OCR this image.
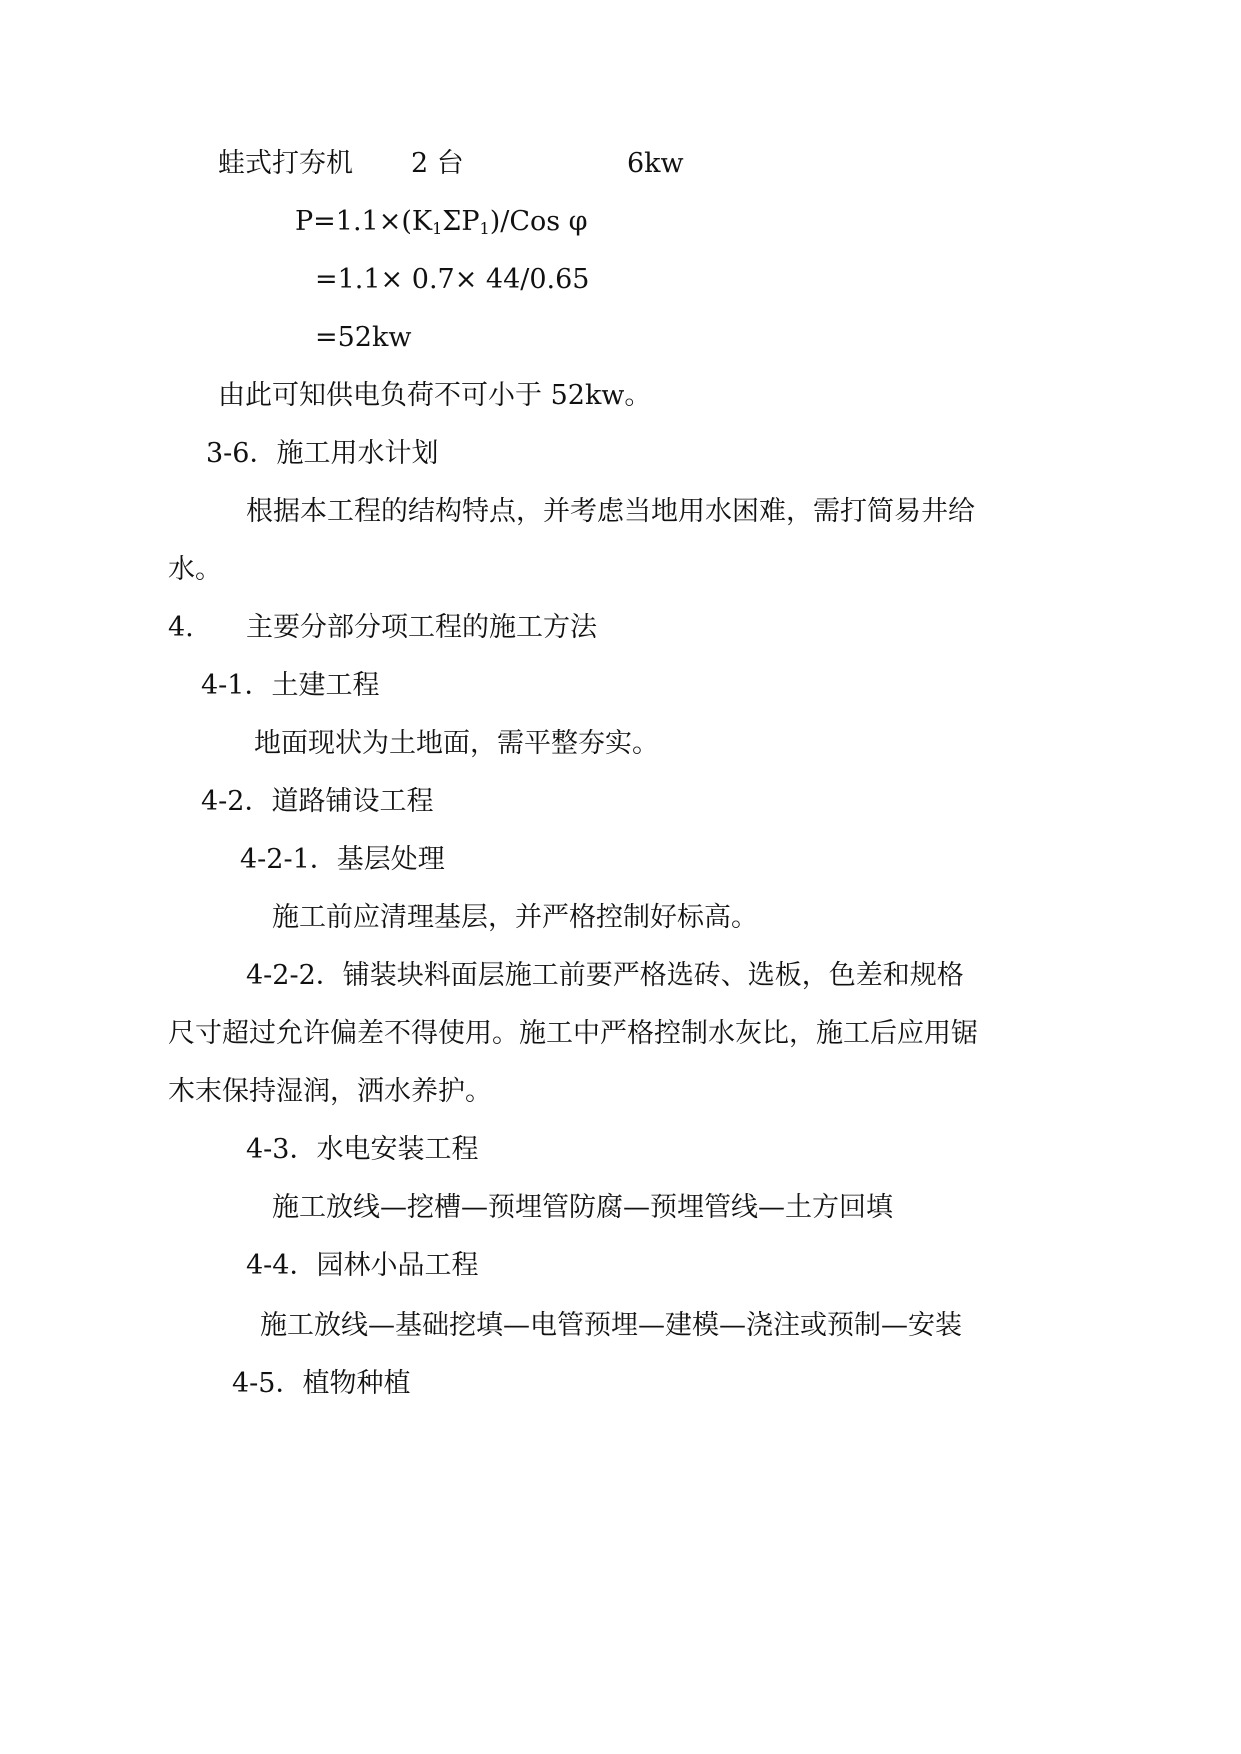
蛙式打夯机 2 台	6kw
$P=1.1\times(K_1\Sigma P_1)$/Cos φ
=1.1× 0.7× 44/0.65
=52kw
由此可知供电负荷不可小于 52kw。
3-6．施工用水计划
根据本工程的结构特点，并考虑当地用水困难，需打简易井给
水。
4. 主要分部分项工程的施工方法
4-1．土建工程
地面现状为土地面，需平整夯实。
4-2．道路铺设工程
4-2-1．基层处理
施工前应清理基层，并严格控制好标高。
4-2-2．铺装块料面层施工前要严格选砖、选板，色差和规格
尺寸超过允许偏差不得使用。施工中严格控制水灰比，施工后应用锯
木末保持湿润，洒水养护。
4-3．水电安装工程
施工放线—挖槽—预埋管防腐—预埋管线—土方回填
4-4．园林小品工程
施工放线—基础挖填—电管预埋—建模—浇注或预制—安装
4-5．植物种植
